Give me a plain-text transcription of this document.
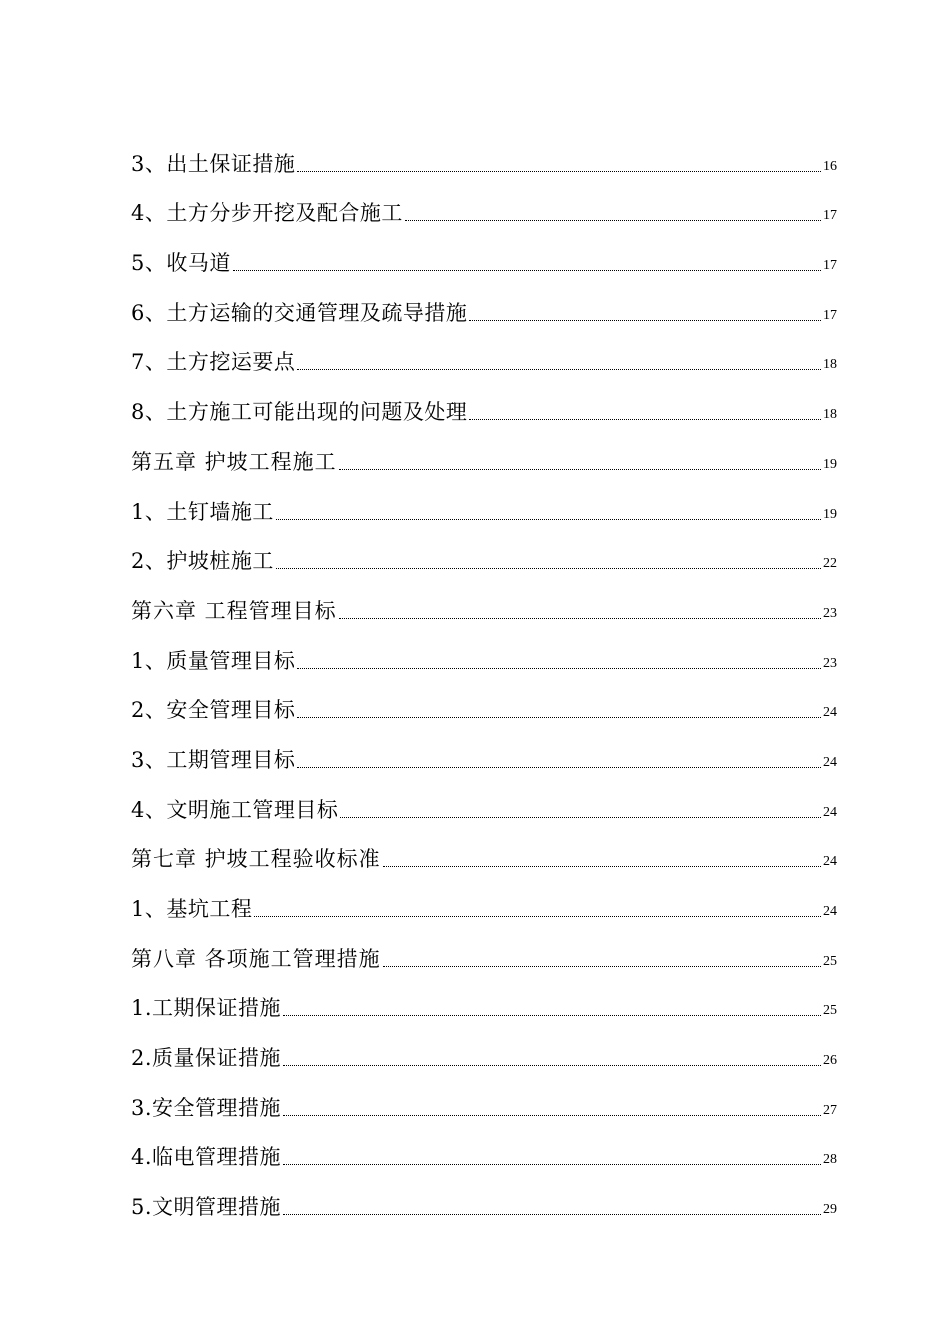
3、出土保证措施	16
4、土方分步开挖及配合施工	17
5、收马道	17
6、土方运输的交通管理及疏导措施	17
7、土方挖运要点	18
8、土方施工可能出现的问题及处理	18
第五章 护坡工程施工	19
1、土钉墙施工	19
2、护坡桩施工	22
第六章 工程管理目标	23
1、质量管理目标	23
2、安全管理目标	24
3、工期管理目标	24
4、文明施工管理目标	24
第七章 护坡工程验收标准	24
1、基坑工程	24
第八章 各项施工管理措施	25
1.工期保证措施	25
2.质量保证措施	26
3.安全管理措施	27
4.临电管理措施	28
5.文明管理措施	29
